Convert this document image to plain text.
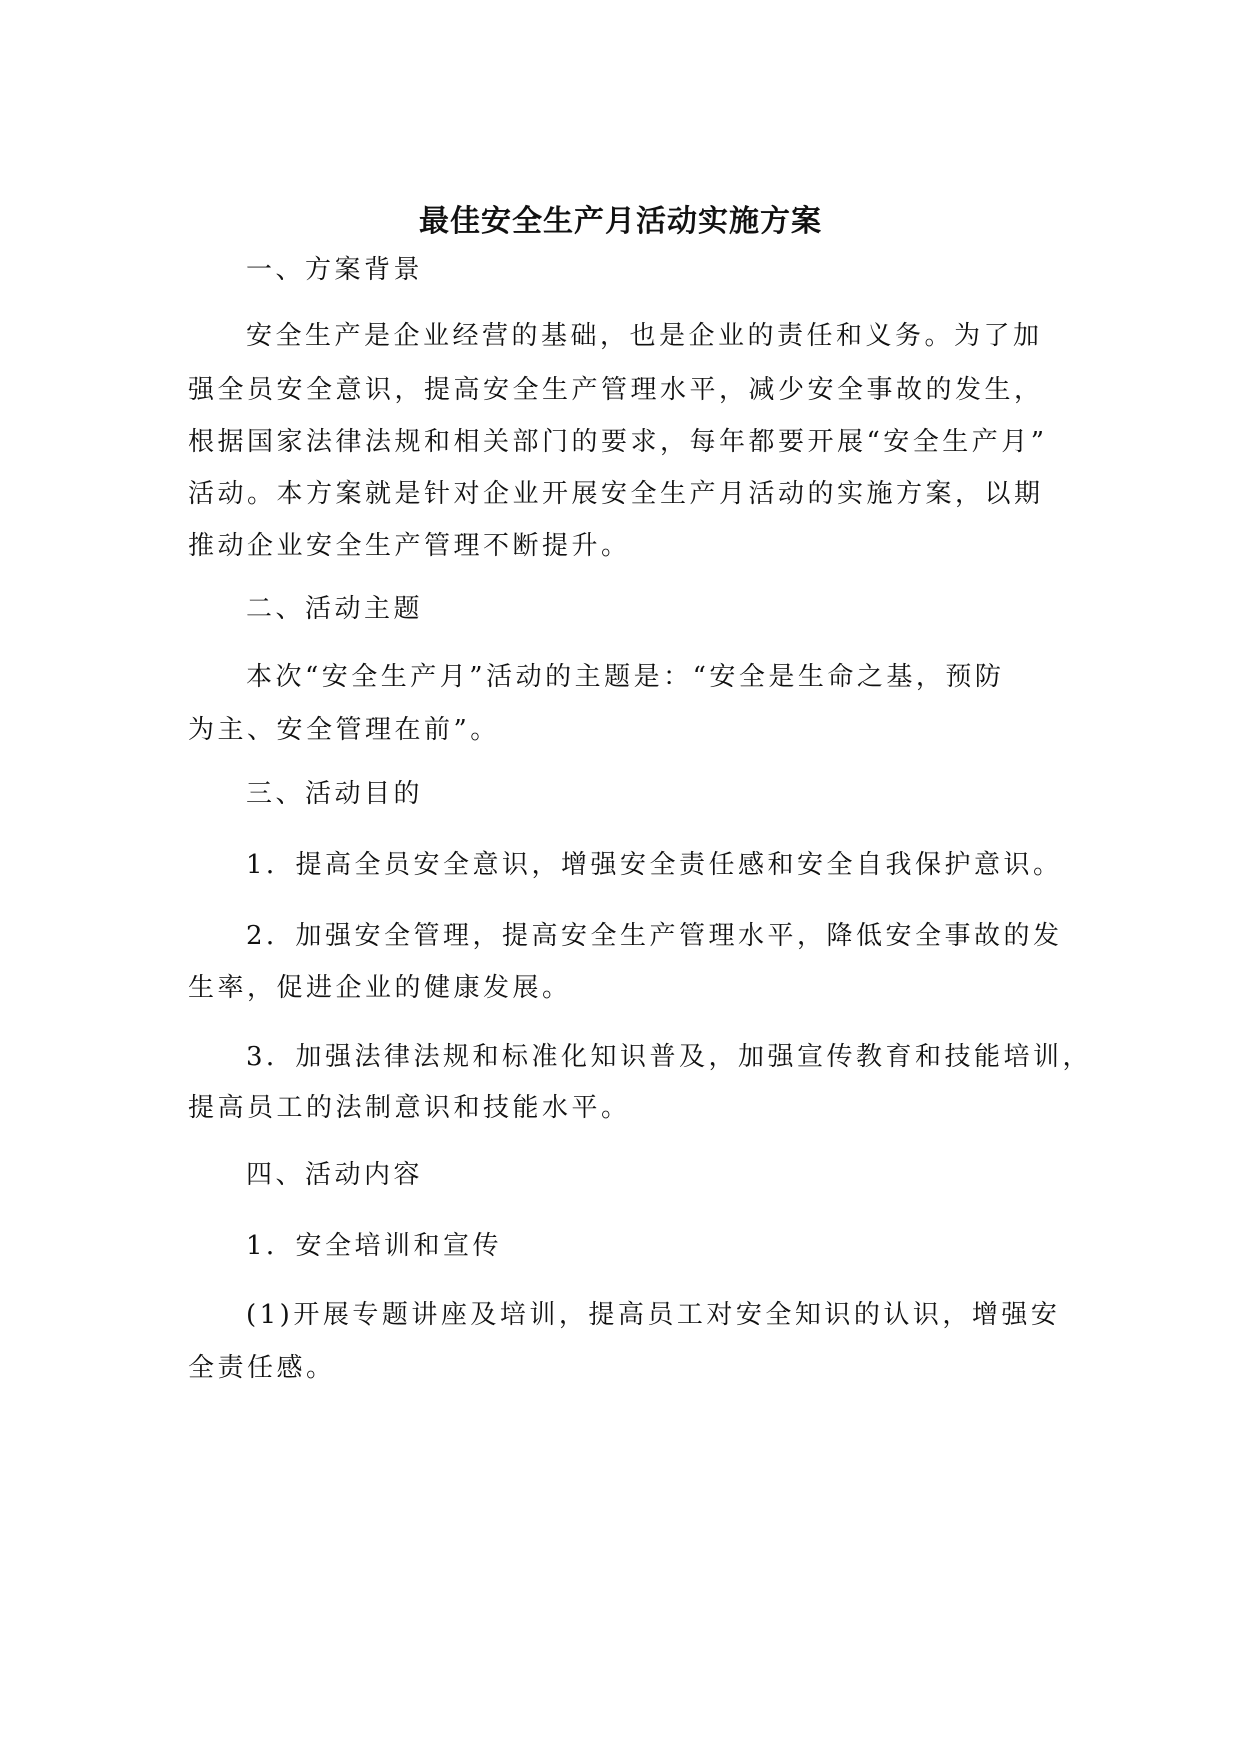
最佳安全生产月活动实施方案

一、方案背景

安全生产是企业经营的基础，也是企业的责任和义务。为了加

强全员安全意识，提高安全生产管理水平，减少安全事故的发生，

根据国家法律法规和相关部门的要求，每年都要开展“安全生产月”

活动。本方案就是针对企业开展安全生产月活动的实施方案，以期

推动企业安全生产管理不断提升。

二、活动主题

本次“安全生产月”活动的主题是：“安全是生命之基，预防

为主、安全管理在前”。

三、活动目的

1．提高全员安全意识，增强安全责任感和安全自我保护意识。

2．加强安全管理，提高安全生产管理水平，降低安全事故的发

生率，促进企业的健康发展。

3．加强法律法规和标准化知识普及，加强宣传教育和技能培训，

提高员工的法制意识和技能水平。

四、活动内容

1．安全培训和宣传

(1)开展专题讲座及培训，提高员工对安全知识的认识，增强安

全责任感。
